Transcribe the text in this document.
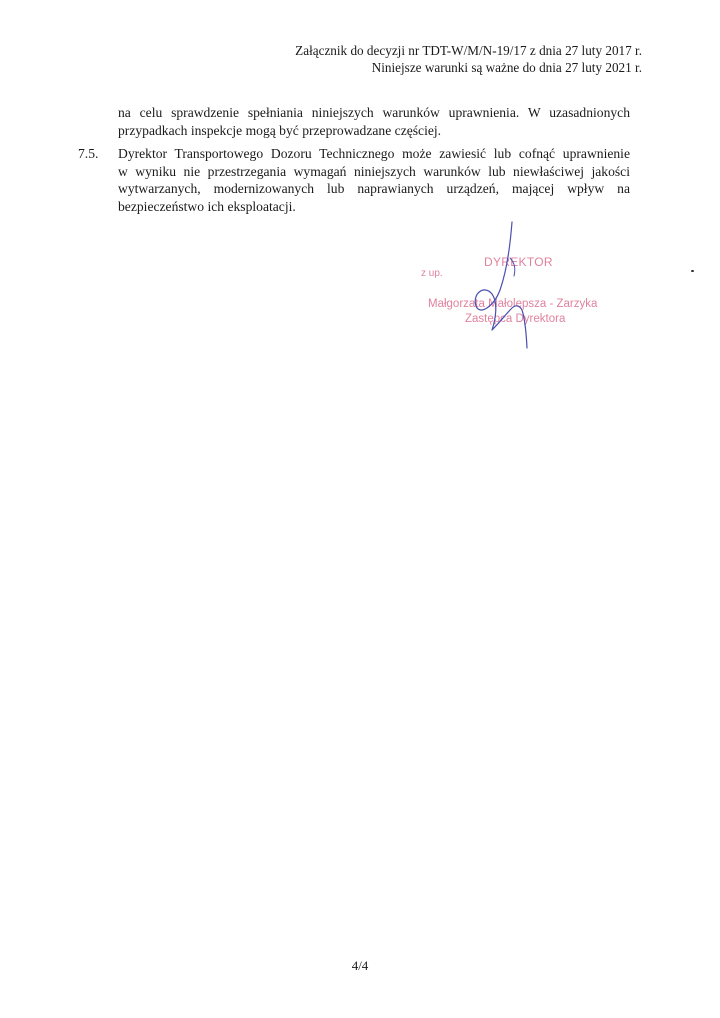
Załącznik do decyzji nr TDT-W/M/N-19/17 z dnia 27 luty 2017 r.
Niniejsze warunki są ważne do dnia 27 luty 2021 r.
na celu sprawdzenie spełniania niniejszych warunków uprawnienia. W uzasadnionych
przypadkach inspekcje mogą być przeprowadzane częściej.
7.5. Dyrektor Transportowego Dozoru Technicznego może zawiesić lub cofnąć uprawnienie
w wyniku nie przestrzegania wymagań niniejszych warunków lub niewłaściwej jakości
wytwarzanych, modernizowanych lub naprawianych urządzeń, mającej wpływ na
bezpieczeństwo ich eksploatacji.
DYREKTOR
z up.
Małgorzata Małolepsza - Zarzyka
Zastępca Dyrektora
4/4
